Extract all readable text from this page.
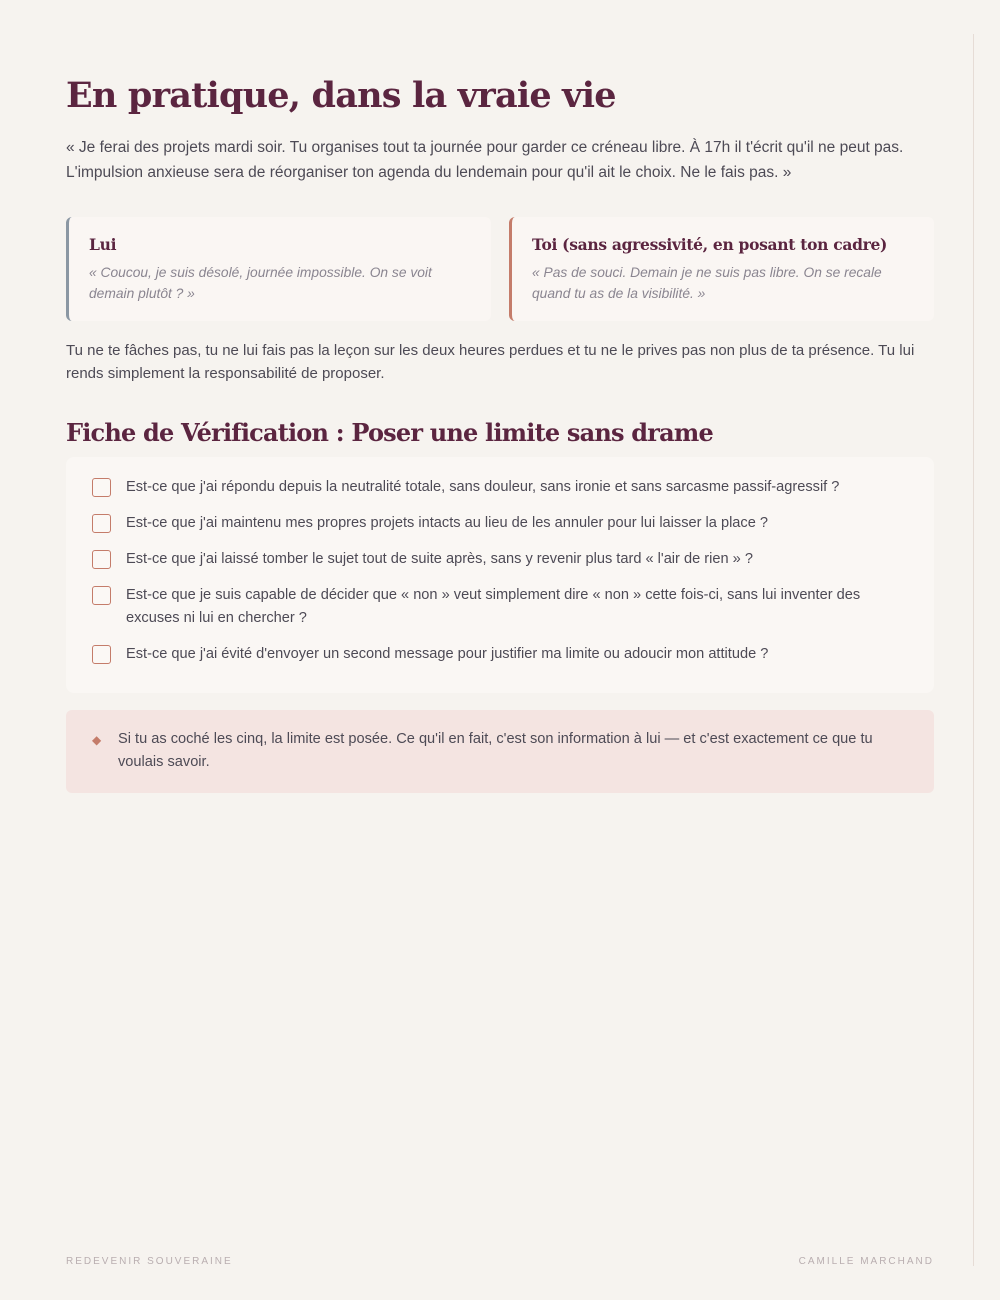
En pratique, dans la vraie vie

« Je ferai des projets mardi soir. Tu organises tout ta journée pour garder ce créneau libre. À 17h il t'écrit qu'il ne peut pas. L'impulsion anxieuse sera de réorganiser ton agenda du lendemain pour qu'il ait le choix. Ne le fais pas. »

Lui
« Coucou, je suis désolé, journée impossible. On se voit demain plutôt ? »
Toi (sans agressivité, en posant ton cadre)
« Pas de souci. Demain je ne suis pas libre. On se recale quand tu as de la visibilité. »

Tu ne te fâches pas, tu ne lui fais pas la leçon sur les deux heures perdues et tu ne le prives pas non plus de ta présence. Tu lui rends simplement la responsabilité de proposer.

Fiche de Vérification : Poser une limite sans drame
Est-ce que j'ai répondu depuis la neutralité totale, sans douleur, sans ironie et sans sarcasme passif-agressif ?
Est-ce que j'ai maintenu mes propres projets intacts au lieu de les annuler pour lui laisser la place ?
Est-ce que j'ai laissé tomber le sujet tout de suite après, sans y revenir plus tard « l'air de rien » ?
Est-ce que je suis capable de décider que « non » veut simplement dire « non » cette fois-ci, sans lui inventer des excuses ni lui en chercher ?
Est-ce que j'ai évité d'envoyer un second message pour justifier ma limite ou adoucir mon attitude ?
◆ Si tu as coché les cinq, la limite est posée. Ce qu'il en fait, c'est son information à lui — et c'est exactement ce que tu voulais savoir.
REDEVENIR SOUVERAINE	CAMILLE MARCHAND
